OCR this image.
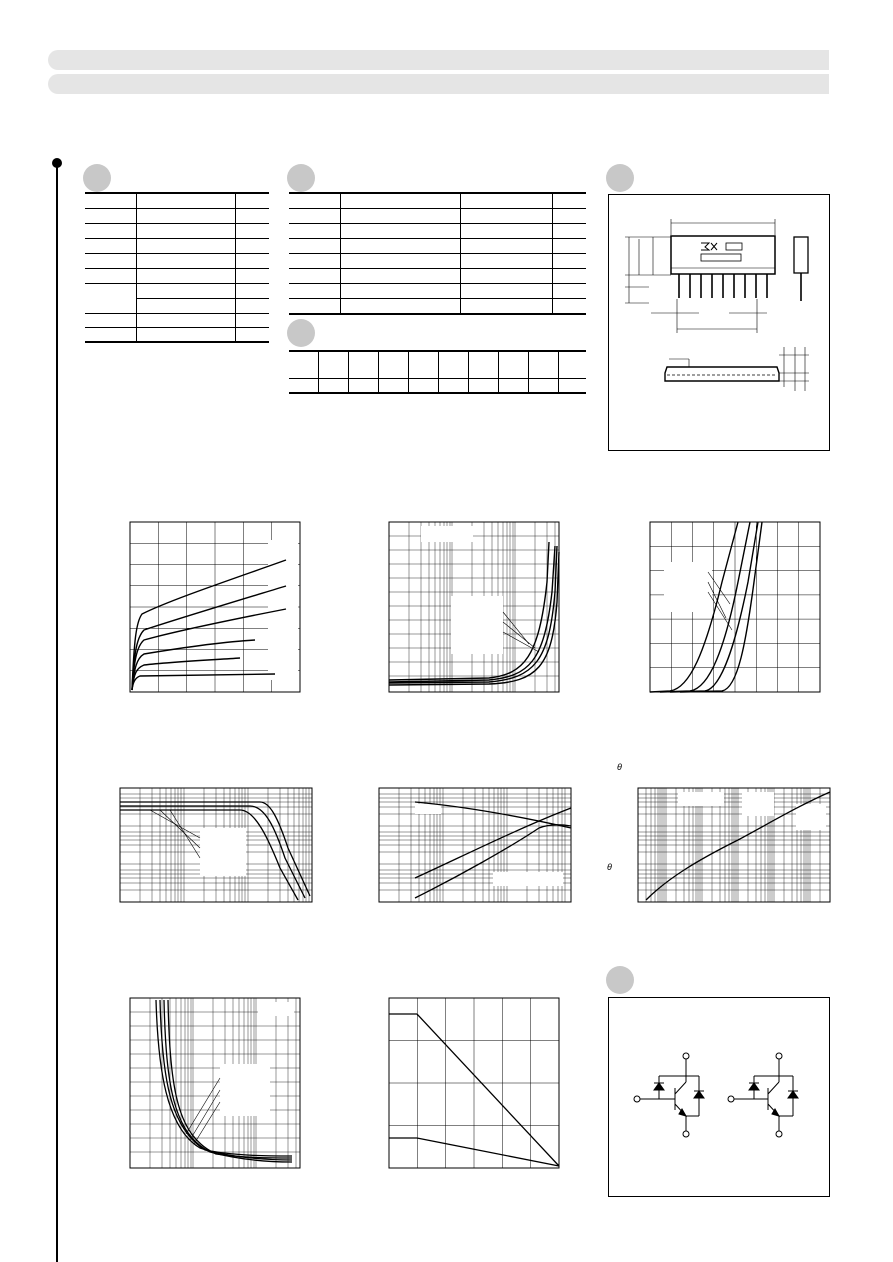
θ
θ
